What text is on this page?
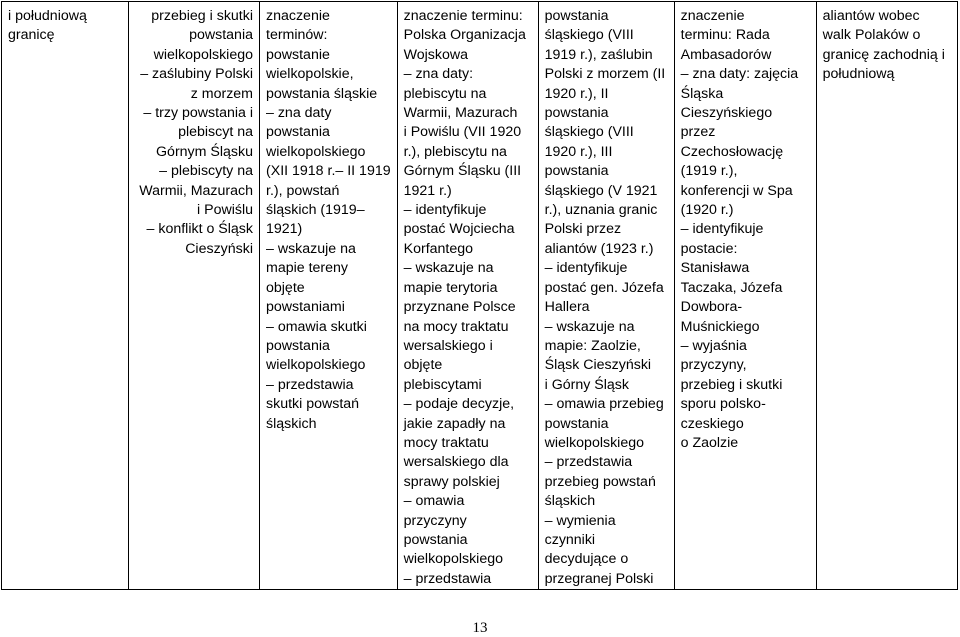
i południową
granicę

przebieg i skutki
powstania
wielkopolskiego
– zaślubiny Polski
z morzem
– trzy powstania i
plebiscyt na
Górnym Śląsku
– plebiscyty na
Warmii, Mazurach
i Powiślu
– konflikt o Śląsk
Cieszyński

znaczenie
terminów:
powstanie
wielkopolskie,
powstania śląskie
– zna daty
powstania
wielkopolskiego
(XII 1918 r.– II 1919
r.), powstań
śląskich (1919–
1921)
– wskazuje na
mapie tereny
objęte
powstaniami
– omawia skutki
powstania
wielkopolskiego
– przedstawia
skutki powstań
śląskich

znaczenie terminu:
Polska Organizacja
Wojskowa
– zna daty:
plebiscytu na
Warmii, Mazurach
i Powiślu (VII 1920
r.), plebiscytu na
Górnym Śląsku (III
1921 r.)
– identyfikuje
postać Wojciecha
Korfantego
– wskazuje na
mapie terytoria
przyznane Polsce
na mocy traktatu
wersalskiego i
objęte
plebiscytami
– podaje decyzje,
jakie zapadły na
mocy traktatu
wersalskiego dla
sprawy polskiej
– omawia
przyczyny
powstania
wielkopolskiego
– przedstawia

powstania
śląskiego (VIII
1919 r.), zaślubin
Polski z morzem (II
1920 r.), II
powstania
śląskiego (VIII
1920 r.), III
powstania
śląskiego (V 1921
r.), uznania granic
Polski przez
aliantów (1923 r.)
– identyfikuje
postać gen. Józefa
Hallera
– wskazuje na
mapie: Zaolzie,
Śląsk Cieszyński
i Górny Śląsk
– omawia przebieg
powstania
wielkopolskiego
– przedstawia
przebieg powstań
śląskich
– wymienia
czynniki
decydujące o
przegranej Polski

znaczenie
terminu: Rada
Ambasadorów
– zna daty: zajęcia
Śląska
Cieszyńskiego
przez
Czechosłowację
(1919 r.),
konferencji w Spa
(1920 r.)
– identyfikuje
postacie:
Stanisława
Taczaka, Józefa
Dowbora-
Muśnickiego
– wyjaśnia
przyczyny,
przebieg i skutki
sporu polsko-
czeskiego
o Zaolzie

aliantów wobec
walk Polaków o
granicę zachodnią i
południową
13
